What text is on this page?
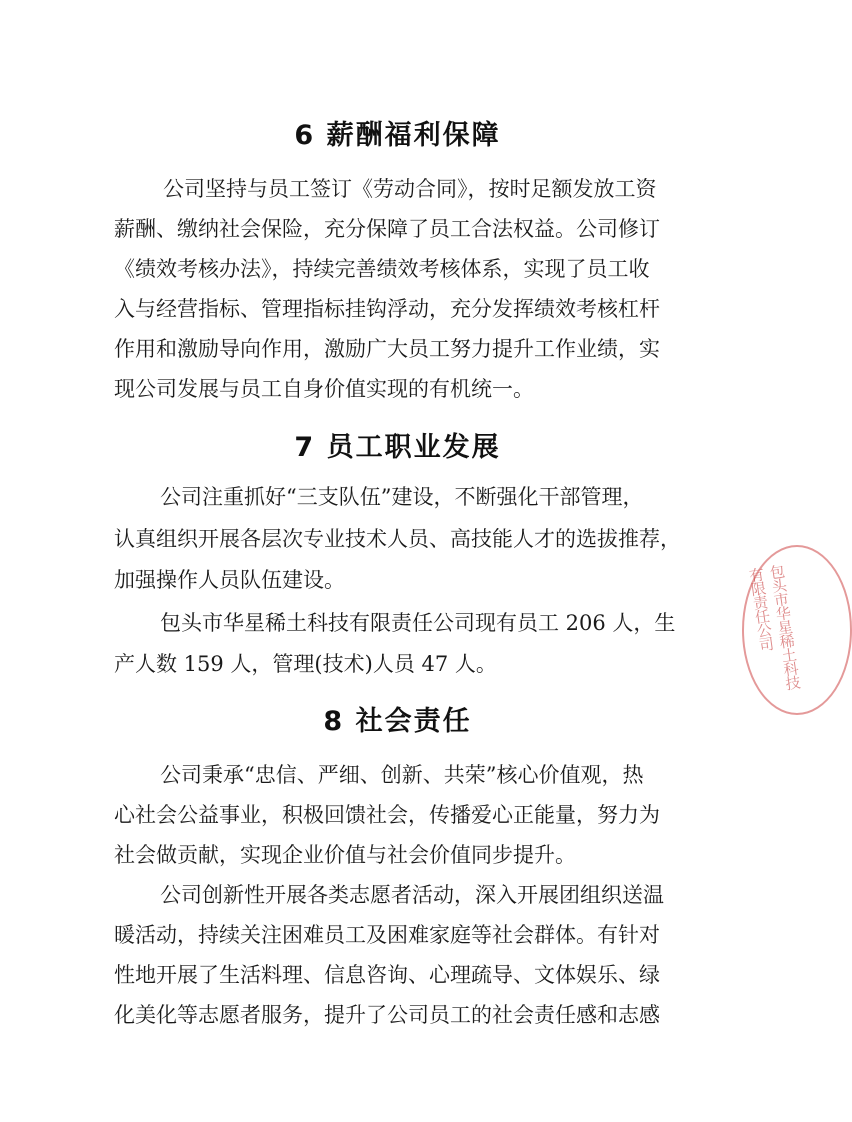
6 薪酬福利保障
公司坚持与员工签订《劳动合同》，按时足额发放工资
薪酬、缴纳社会保险，充分保障了员工合法权益。公司修订
《绩效考核办法》，持续完善绩效考核体系，实现了员工收
入与经营指标、管理指标挂钩浮动，充分发挥绩效考核杠杆
作用和激励导向作用，激励广大员工努力提升工作业绩，实
现公司发展与员工自身价值实现的有机统一。
7 员工职业发展
公司注重抓好“三支队伍”建设，不断强化干部管理，
认真组织开展各层次专业技术人员、高技能人才的选拔推荐，
加强操作人员队伍建设。
包头市华星稀土科技有限责任公司现有员工 206 人，生
产人数 159 人，管理(技术)人员 47 人。
8 社会责任
公司秉承“忠信、严细、创新、共荣”核心价值观，热
心社会公益事业，积极回馈社会，传播爱心正能量，努力为
社会做贡献，实现企业价值与社会价值同步提升。
公司创新性开展各类志愿者活动，深入开展团组织送温
暖活动，持续关注困难员工及困难家庭等社会群体。有针对
性地开展了生活料理、信息咨询、心理疏导、文体娱乐、绿
化美化等志愿者服务，提升了公司员工的社会责任感和志感
包头市华星稀土科技有限责任公司
